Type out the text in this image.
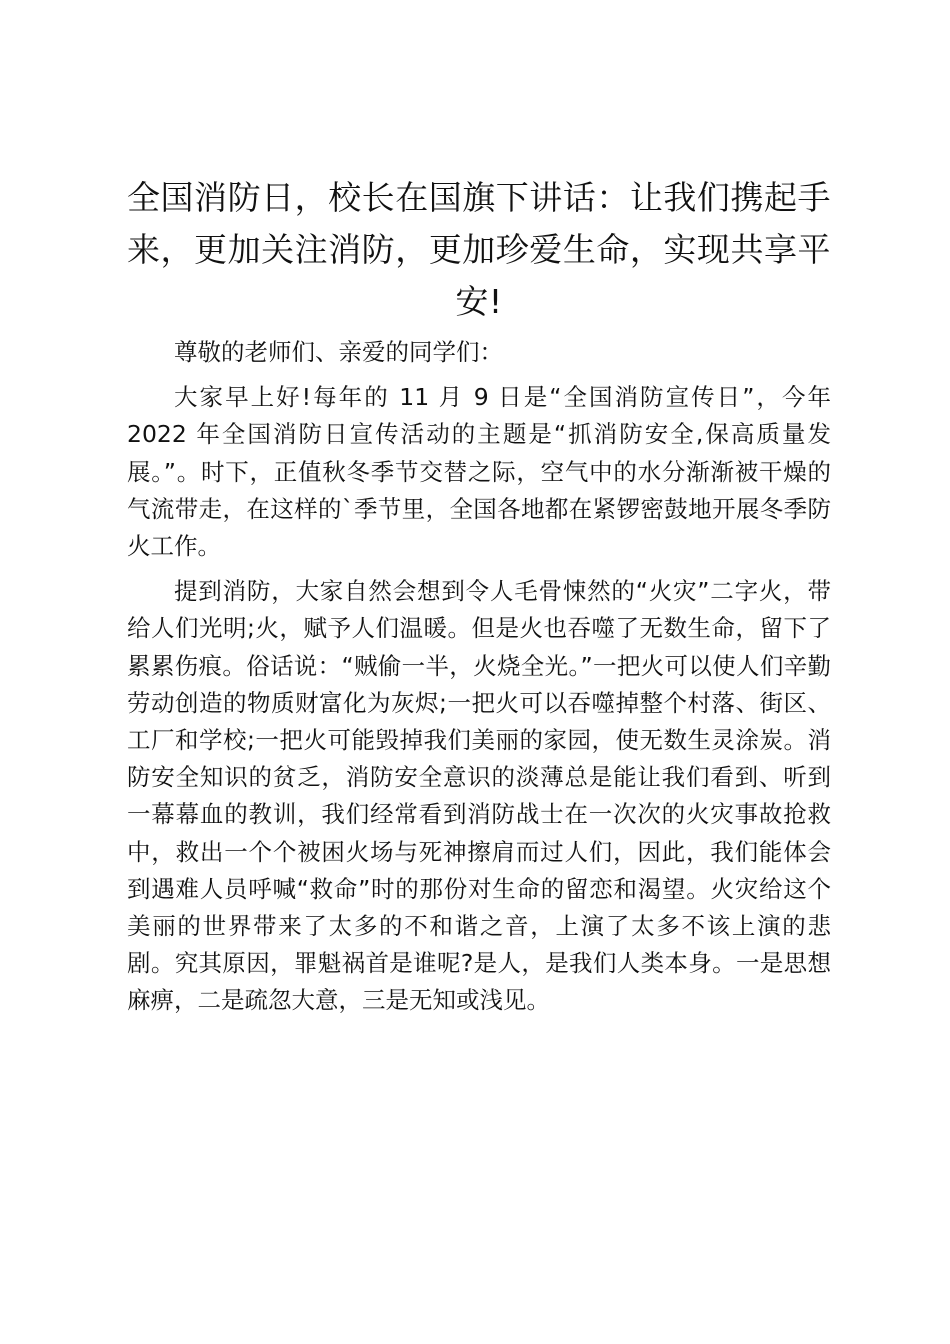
全国消防日，校长在国旗下讲话：让我们携起手来，更加关注消防，更加珍爱生命，实现共享平安!

尊敬的老师们、亲爱的同学们：

大家早上好!每年的 11 月 9 日是“全国消防宣传日”，今年 2022 年全国消防日宣传活动的主题是“抓消防安全,保高质量发展。”。时下，正值秋冬季节交替之际，空气中的水分渐渐被干燥的气流带走，在这样的`季节里，全国各地都在紧锣密鼓地开展冬季防火工作。

提到消防，大家自然会想到令人毛骨悚然的“火灾”二字火，带给人们光明;火，赋予人们温暖。但是火也吞噬了无数生命，留下了累累伤痕。俗话说：“贼偷一半，火烧全光。”一把火可以使人们辛勤劳动创造的物质财富化为灰烬;一把火可以吞噬掉整个村落、街区、工厂和学校;一把火可能毁掉我们美丽的家园，使无数生灵涂炭。消防安全知识的贫乏，消防安全意识的淡薄总是能让我们看到、听到一幕幕血的教训，我们经常看到消防战士在一次次的火灾事故抢救中，救出一个个被困火场与死神擦肩而过人们，因此，我们能体会到遇难人员呼喊“救命”时的那份对生命的留恋和渴望。火灾给这个美丽的世界带来了太多的不和谐之音，上演了太多不该上演的悲剧。究其原因，罪魁祸首是谁呢?是人，是我们人类本身。一是思想麻痹，二是疏忽大意，三是无知或浅见。
